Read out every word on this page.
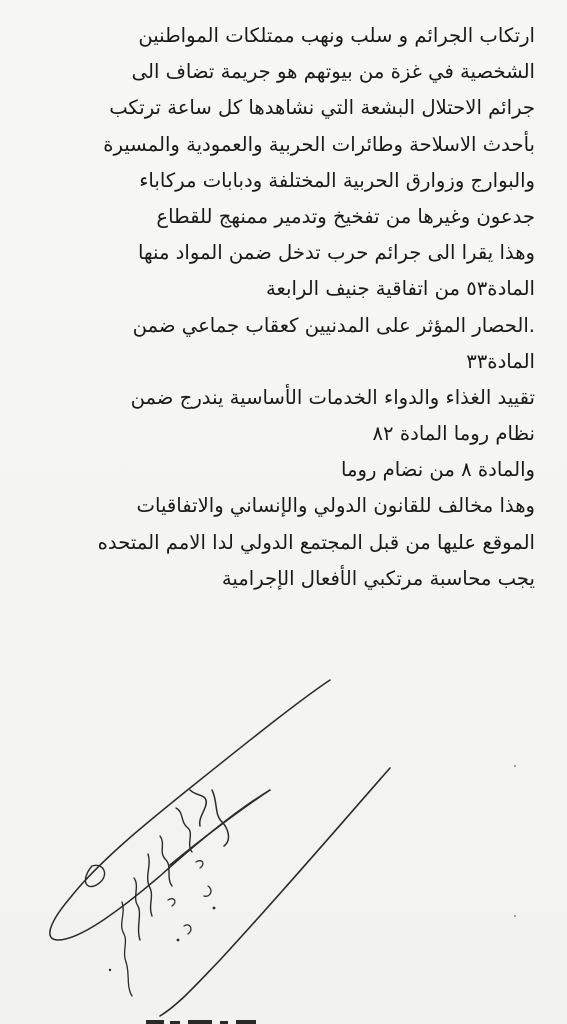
ارتكاب الجرائم و سلب ونهب ممتلكات المواطنين
الشخصية في غزة من بيوتهم هو جريمة تضاف الى
جرائم الاحتلال البشعة التي نشاهدها كل ساعة ترتكب
بأحدث الاسلاحة وطائرات الحربية والعمودية والمسيرة
والبوارج وزوارق الحربية المختلفة ودبابات مركاباء
جدعون وغيرها من تفخيخ وتدمير ممنهج للقطاع
وهذا يقرا الى جرائم حرب تدخل ضمن المواد منها
المادة٥٣ من اتفاقية جنيف الرابعة
.الحصار المؤثر على المدنيين كعقاب جماعي ضمن
المادة٣٣
تقييد الغذاء والدواء الخدمات الأساسية يندرج ضمن
نظام روما المادة ٨٢
والمادة ٨ من نضام روما
وهذا مخالف للقانون الدولي والإنساني والاتفاقيات
الموقع عليها من قبل المجتمع الدولي لدا الامم المتحده
يجب محاسبة مرتكبي الأفعال الإجرامية
